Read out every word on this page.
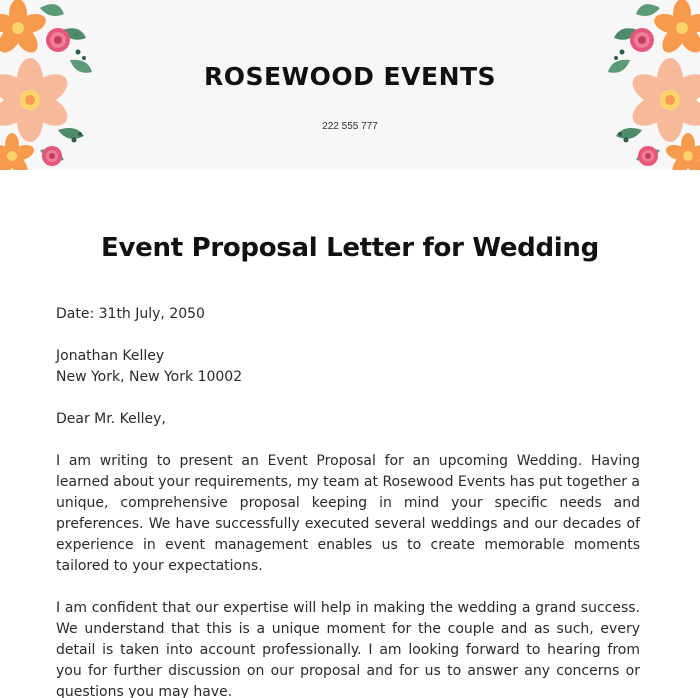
ROSEWOOD EVENTS
222 555 777
Event Proposal Letter for Wedding

Date: 31th July, 2050

Jonathan Kelley
New York, New York 10002

Dear Mr. Kelley,

I am writing to present an Event Proposal for an upcoming Wedding. Having learned about your requirements, my team at Rosewood Events has put together a unique, comprehensive proposal keeping in mind your specific needs and preferences. We have successfully executed several weddings and our decades of experience in event management enables us to create memorable moments tailored to your expectations.

I am confident that our expertise will help in making the wedding a grand success. We understand that this is a unique moment for the couple and as such, every detail is taken into account professionally. I am looking forward to hearing from you for further discussion on our proposal and for us to answer any concerns or questions you may have.
